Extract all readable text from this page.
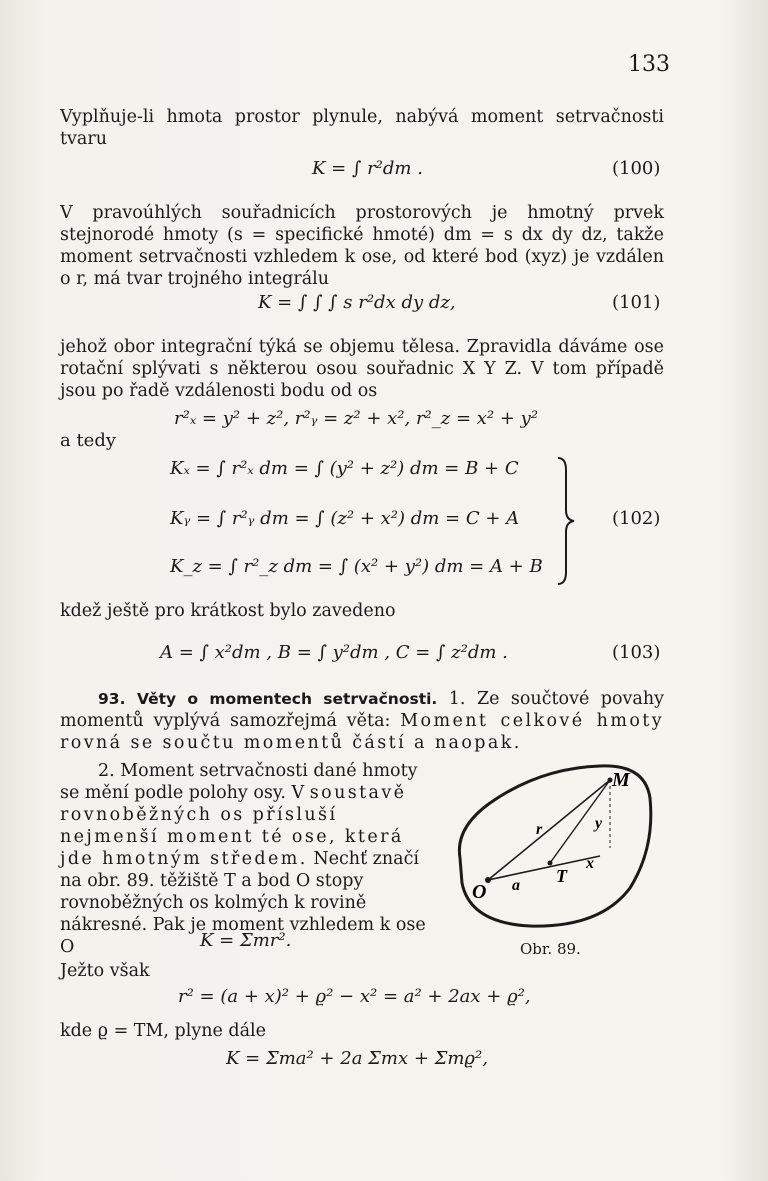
133
Vyplňuje-li hmota prostor plynule, nabývá moment setrvačnosti tvaru
K = ∫ r²dm .	(100)
V pravoúhlých souřadnicích prostorových je hmotný prvek stejnorodé hmoty (s = specifické hmoté) dm = s dx dy dz, takže moment setrvačnosti vzhledem k ose, od které bod (xyz) je vzdálen o r, má tvar trojného integrálu
K = ∫ ∫ ∫ s r²dx dy dz,	(101)
jehož obor integrační týká se objemu tělesa. Zpravidla dáváme ose rotační splývati s některou osou souřadnic X Y Z. V tom případě jsou po řadě vzdálenosti bodu od os
r²ₓ = y² + z², r²ᵧ = z² + x², r²_z = x² + y²
a tedy
Kₓ = ∫ r²ₓ dm = ∫ (y² + z²) dm = B + C
Kᵧ = ∫ r²ᵧ dm = ∫ (z² + x²) dm = C + A
K_z = ∫ r²_z dm = ∫ (x² + y²) dm = A + B
(102)
kdež ještě pro krátkost bylo zavedeno
A = ∫ x²dm , B = ∫ y²dm , C = ∫ z²dm .	(103)
93. Věty o momentech setrvačnosti. 1. Ze součtové povahy momentů vyplývá samozřejmá věta: Moment celkové hmoty rovná se součtu momentů částí a naopak.
2. Moment setrvačnosti dané hmoty se mění podle polohy osy. V soustavě rovnoběžných os přísluší nejmenší moment té ose, která jde hmotným středem. Nechť značí na obr. 89. těžiště T a bod O stopy rovnoběžných os kolmých k rovině nákresné. Pak je moment vzhledem k ose O	K = Σmr².
Ježto však
r² = (a + x)² + ϱ² − x² = a² + 2ax + ϱ²,
kde ϱ = TM, plyne dále
K = Σma² + 2a Σmx + Σmϱ²,
M
r	y
T
x
O a
Obr. 89.
